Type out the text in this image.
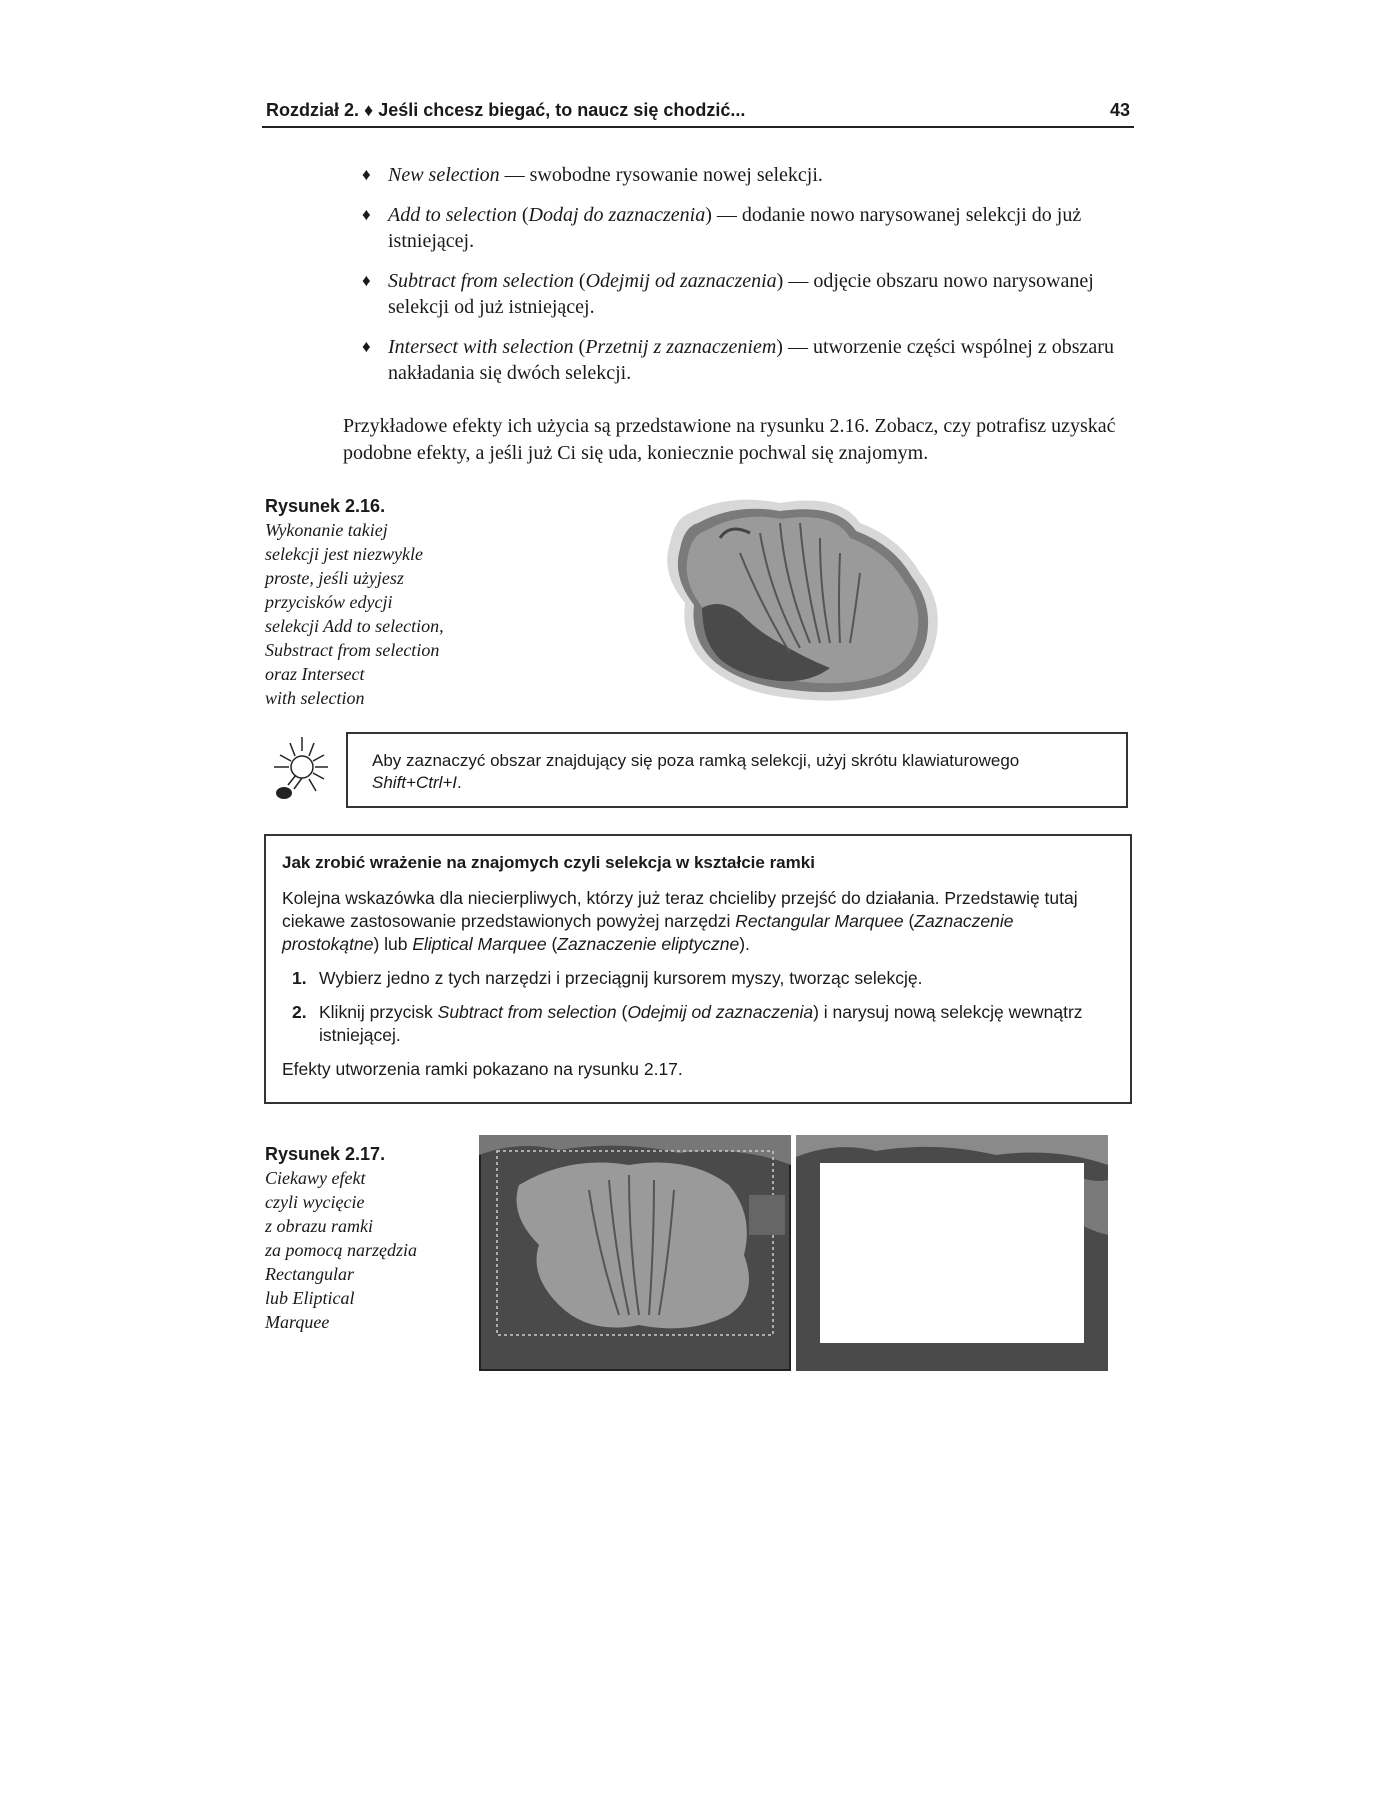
Rozdział 2. ♦ Jeśli chcesz biegać, to naucz się chodzić...	43
♦ New selection — swobodne rysowanie nowej selekcji.
♦ Add to selection (Dodaj do zaznaczenia) — dodanie nowo narysowanej selekcji do już istniejącej.
♦ Subtract from selection (Odejmij od zaznaczenia) — odjęcie obszaru nowo narysowanej selekcji od już istniejącej.
♦ Intersect with selection (Przetnij z zaznaczeniem) — utworzenie części wspólnej z obszaru nakładania się dwóch selekcji.
Przykładowe efekty ich użycia są przedstawione na rysunku 2.16. Zobacz, czy potrafisz uzyskać podobne efekty, a jeśli już Ci się uda, koniecznie pochwal się znajomym.
Rysunek 2.16.
Wykonanie takiej
selekcji jest niezwykle
proste, jeśli użyjesz
przycisków edycji
selekcji Add to selection,
Substract from selection
oraz Intersect
with selection
Aby zaznaczyć obszar znajdujący się poza ramką selekcji, użyj skrótu klawiaturowego Shift+Ctrl+I.
Jak zrobić wrażenie na znajomych czyli selekcja w kształcie ramki
Kolejna wskazówka dla niecierpliwych, którzy już teraz chcieliby przejść do działania. Przedstawię tutaj ciekawe zastosowanie przedstawionych powyżej narzędzi Rectangular Marquee (Zaznaczenie prostokątne) lub Eliptical Marquee (Zaznaczenie eliptyczne).
1. Wybierz jedno z tych narzędzi i przeciągnij kursorem myszy, tworząc selekcję.
2. Kliknij przycisk Subtract from selection (Odejmij od zaznaczenia) i narysuj nową selekcję wewnątrz istniejącej.
Efekty utworzenia ramki pokazano na rysunku 2.17.
Rysunek 2.17.
Ciekawy efekt
czyli wycięcie
z obrazu ramki
za pomocą narzędzia
Rectangular
lub Eliptical
Marquee
